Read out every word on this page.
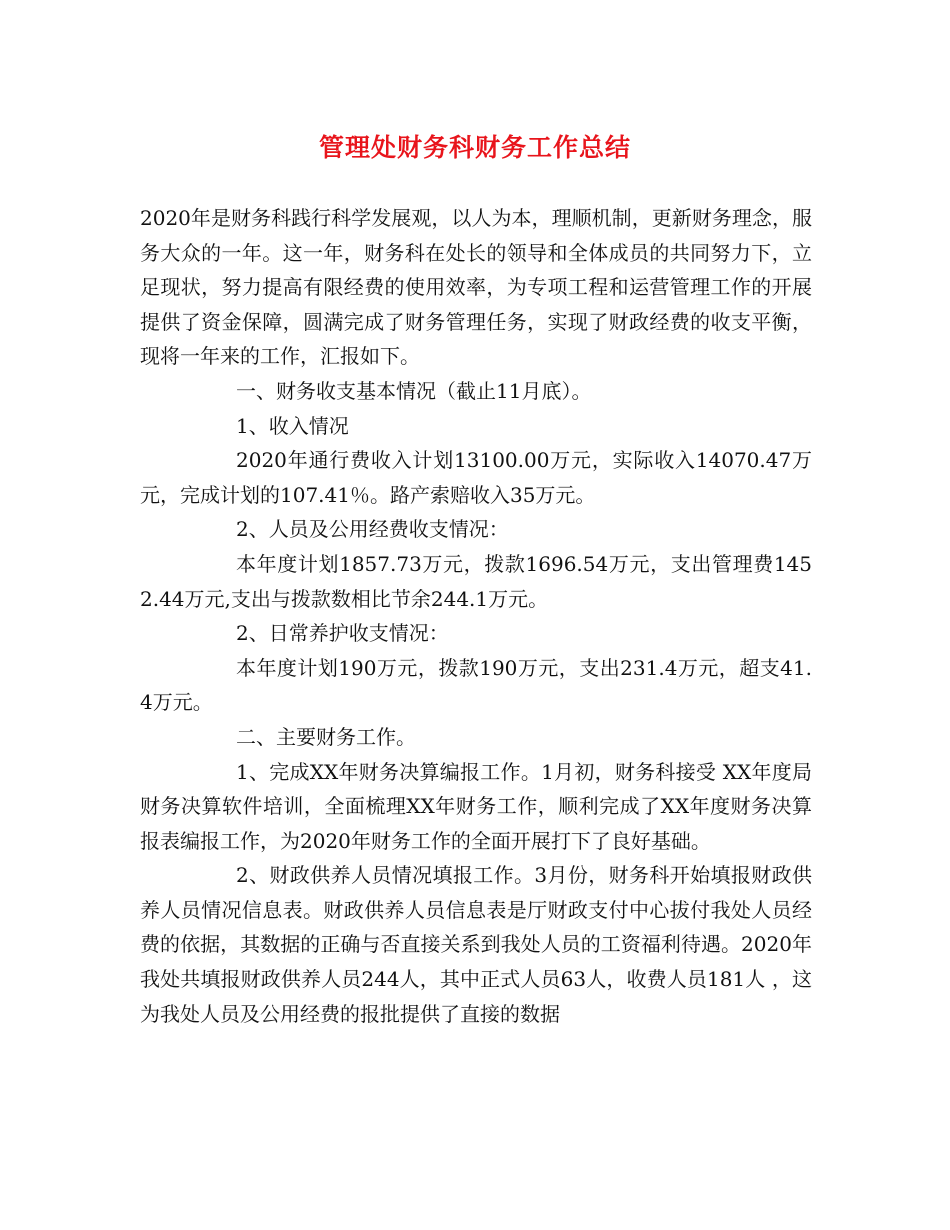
管理处财务科财务工作总结

2020年是财务科践行科学发展观，以人为本，理顺机制，更新财务理念，服务大众的一年。这一年，财务科在处长的领导和全体成员的共同努力下，立足现状，努力提高有限经费的使用效率，为专项工程和运营管理工作的开展提供了资金保障，圆满完成了财务管理任务，实现了财政经费的收支平衡，现将一年来的工作，汇报如下。

一、财务收支基本情况（截止11月底）。

1、收入情况

2020年通行费收入计划13100.00万元，实际收入14070.47万元，完成计划的107.41％。路产索赔收入35万元。

2、人员及公用经费收支情况：

本年度计划1857.73万元，拨款1696.54万元，支出管理费1452.44万元,支出与拨款数相比节余244.1万元。

2、日常养护收支情况：

本年度计划190万元，拨款190万元，支出231.4万元，超支41.4万元。

二、主要财务工作。

1、完成XX年财务决算编报工作。1月初，财务科接受 XX年度局财务决算软件培训，全面梳理XX年财务工作，顺利完成了XX年度财务决算报表编报工作，为2020年财务工作的全面开展打下了良好基础。

2、财政供养人员情况填报工作。3月份，财务科开始填报财政供养人员情况信息表。财政供养人员信息表是厅财政支付中心拔付我处人员经费的依据，其数据的正确与否直接关系到我处人员的工资福利待遇。2020年我处共填报财政供养人员244人，其中正式人员63人，收费人员181人 ，这为我处人员及公用经费的报批提供了直接的数据
